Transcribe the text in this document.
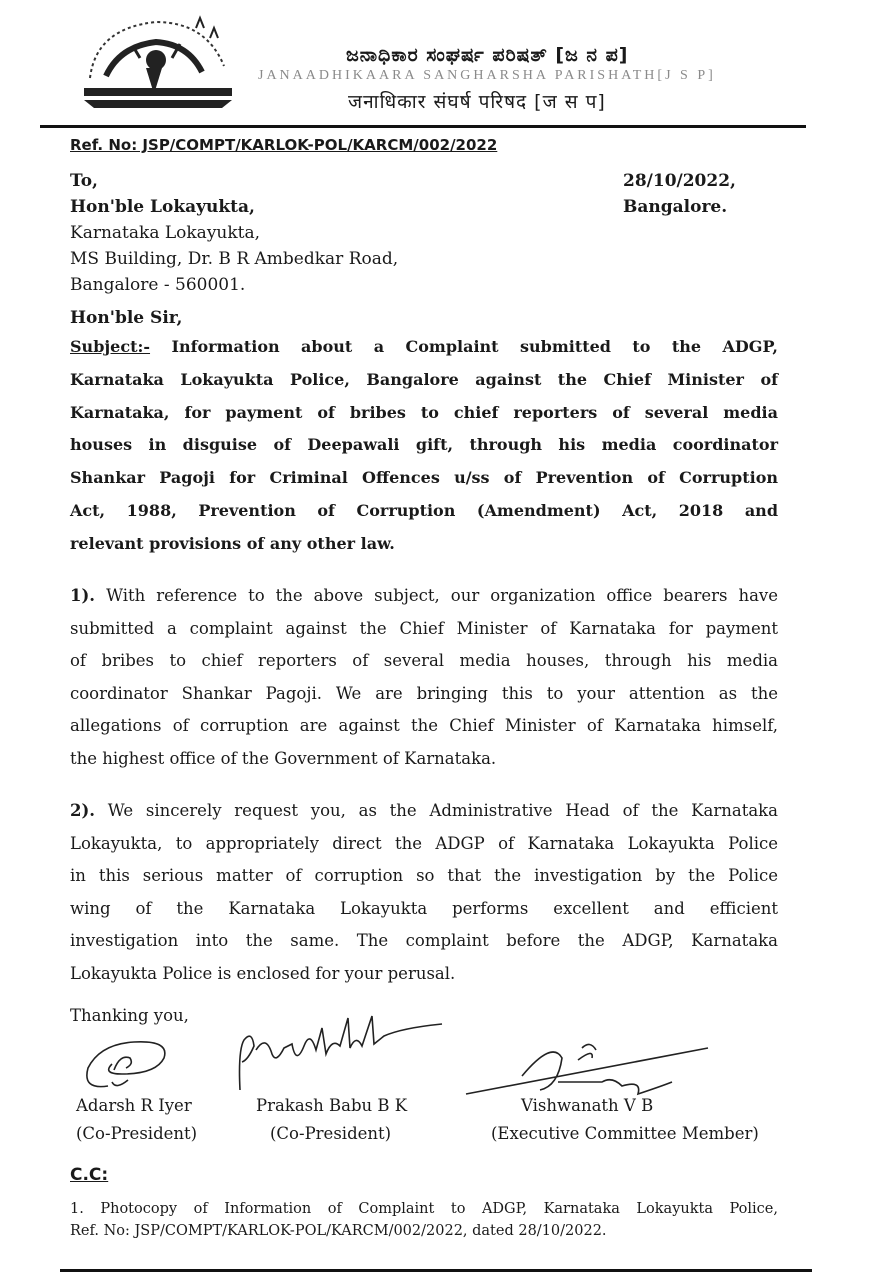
ಜನಾಧಿಕಾರ ಸಂಘರ್ಷ ಪರಿಷತ್ [ಜ ನ ಪ]
JANAADHIKAARA SANGHARSHA PARISHATH[J S P]
जनाधिकार संघर्ष परिषद [ज स प]
Ref. No: JSP/COMPT/KARLOK-POL/KARCM/002/2022
To,
Hon'ble Lokayukta,
Karnataka Lokayukta,
MS Building, Dr. B R Ambedkar Road,
Bangalore - 560001.
28/10/2022,
Bangalore.
Hon'ble Sir,
Subject:- Information about a Complaint submitted to the ADGP,
Karnataka Lokayukta Police, Bangalore against the Chief Minister of
Karnataka, for payment of bribes to chief reporters of several media
houses in disguise of Deepawali gift, through his media coordinator
Shankar Pagoji for Criminal Offences u/ss of Prevention of Corruption
Act, 1988, Prevention of Corruption (Amendment) Act, 2018 and
relevant provisions of any other law.
1). With reference to the above subject, our organization office bearers have
submitted a complaint against the Chief Minister of Karnataka for payment
of bribes to chief reporters of several media houses, through his media
coordinator Shankar Pagoji. We are bringing this to your attention as the
allegations of corruption are against the Chief Minister of Karnataka himself,
the highest office of the Government of Karnataka.
2). We sincerely request you, as the Administrative Head of the Karnataka
Lokayukta, to appropriately direct the ADGP of Karnataka Lokayukta Police
in this serious matter of corruption so that the investigation by the Police
wing of the Karnataka Lokayukta performs excellent and efficient
investigation into the same. The complaint before the ADGP, Karnataka
Lokayukta Police is enclosed for your perusal.
Thanking you,
Adarsh R Iyer
(Co-President)
Prakash Babu B K
(Co-President)
Vishwanath V B
(Executive Committee Member)
C.C:
1. Photocopy of Information of Complaint to ADGP, Karnataka Lokayukta Police,
Ref. No: JSP/COMPT/KARLOK-POL/KARCM/002/2022, dated 28/10/2022.
